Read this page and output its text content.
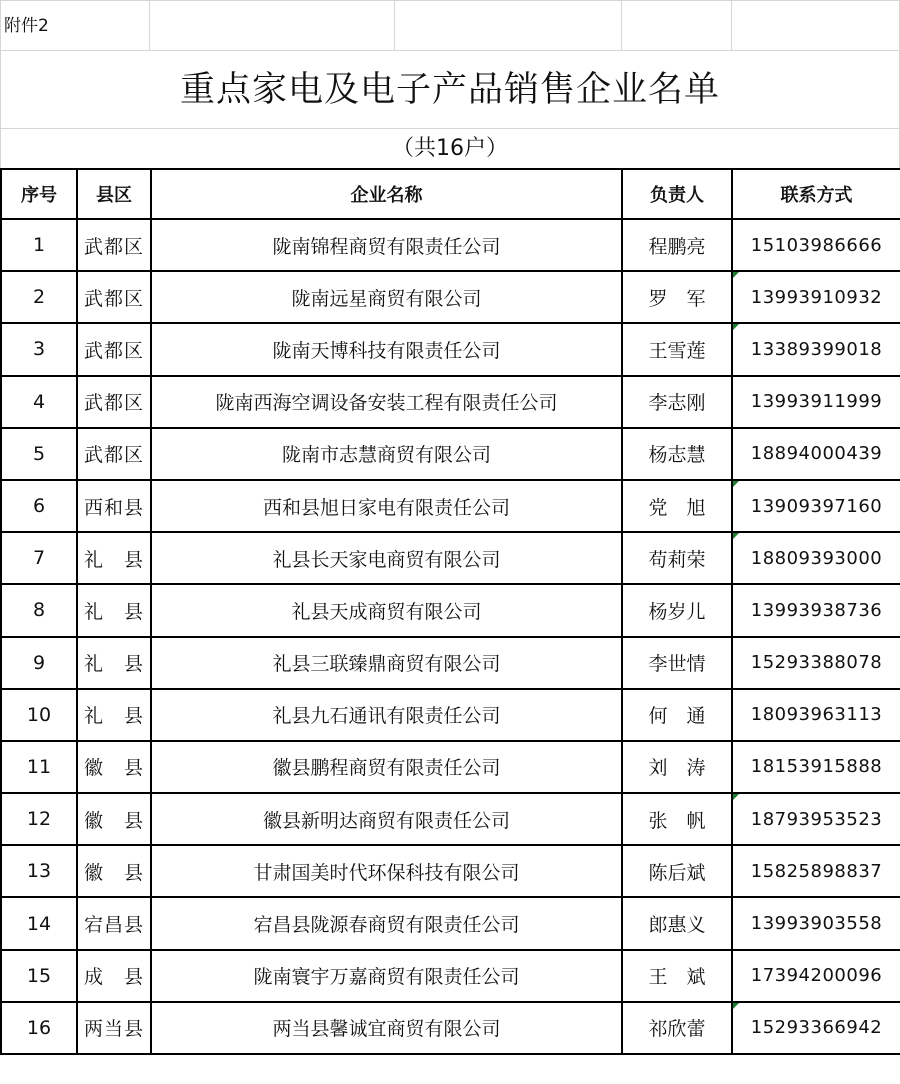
附件2
重点家电及电子产品销售企业名单
（共16户）
序号	县区	企业名称	负责人	联系方式
1	武都区	陇南锦程商贸有限责任公司	程鹏亮	15103986666
2	武都区	陇南远星商贸有限公司	罗　军	13993910932

3	武都区	陇南天博科技有限责任公司	王雪莲	13389399018

4	武都区	陇南西海空调设备安装工程有限责任公司	李志刚	13993911999
5	武都区	陇南市志慧商贸有限公司	杨志慧	18894000439
6	西和县	西和县旭日家电有限责任公司	党　旭	13909397160

7	礼　县	礼县长天家电商贸有限公司	苟莉荣	18809393000

8	礼　县	礼县天成商贸有限公司	杨岁儿	13993938736
9	礼　县	礼县三联臻鼎商贸有限公司	李世情	15293388078
10	礼　县	礼县九石通讯有限责任公司	何　通	18093963113
11	徽　县	徽县鹏程商贸有限责任公司	刘　涛	18153915888
12	徽　县	徽县新明达商贸有限责任公司	张　帆	18793953523

13	徽　县	甘肃国美时代环保科技有限公司	陈后斌	15825898837
14	宕昌县	宕昌县陇源春商贸有限责任公司	郎惠义	13993903558
15	成　县	陇南寰宇万嘉商贸有限责任公司	王　斌	17394200096
16	两当县	两当县馨诚宜商贸有限公司	祁欣蕾	15293366942
